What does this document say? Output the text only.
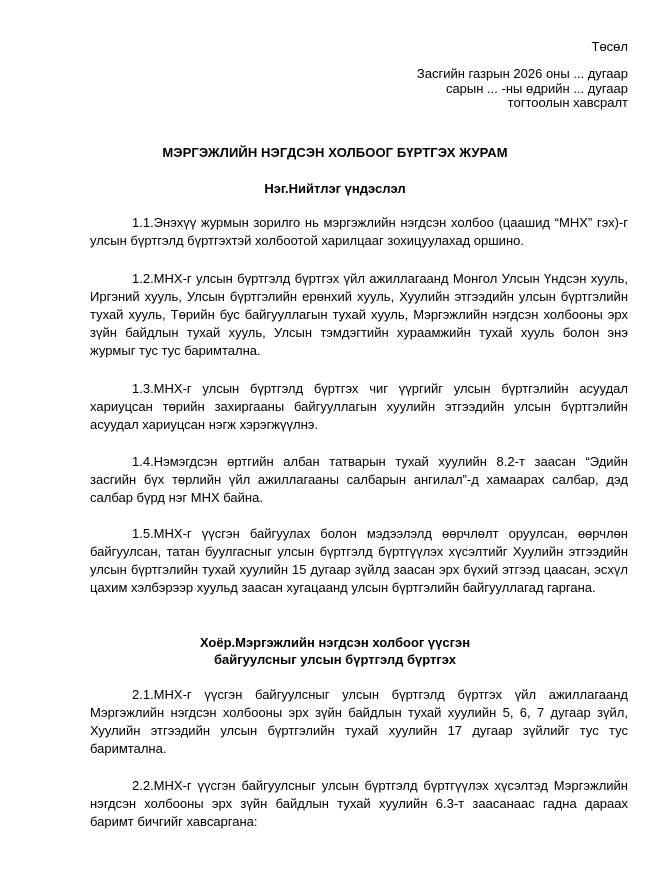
Төсөл
Засгийн газрын 2026 оны ... дугаар
сарын ... -ны өдрийн ... дугаар
тогтоолын хавсралт
МЭРГЭЖЛИЙН НЭГДСЭН ХОЛБООГ БҮРТГЭХ ЖУРАМ
Нэг.Нийтлэг үндэслэл

1.1.Энэхүү журмын зорилго нь мэргэжлийн нэгдсэн холбоо (цаашид “МНХ” гэх)-г улсын бүртгэлд бүртгэхтэй холбоотой харилцааг зохицуулахад оршино.

1.2.МНХ-г улсын бүртгэлд бүртгэх үйл ажиллагаанд Монгол Улсын Үндсэн хууль, Иргэний хууль, Улсын бүртгэлийн ерөнхий хууль, Хуулийн этгээдийн улсын бүртгэлийн тухай хууль, Төрийн бус байгууллагын тухай хууль, Мэргэжлийн нэгдсэн холбооны эрх зүйн байдлын тухай хууль, Улсын тэмдэгтийн хураамжийн тухай хууль болон энэ журмыг тус тус баримтална.

1.3.МНХ-г улсын бүртгэлд бүртгэх чиг үүргийг улсын бүртгэлийн асуудал хариуцсан төрийн захиргааны байгууллагын хуулийн этгээдийн улсын бүртгэлийн асуудал хариуцсан нэгж хэрэгжүүлнэ.

1.4.Нэмэгдсэн өртгийн албан татварын тухай хуулийн 8.2-т заасан “Эдийн засгийн бүх төрлийн үйл ажиллагааны салбарын ангилал”-д хамаарах салбар, дэд салбар бүрд нэг МНХ байна.

1.5.МНХ-г үүсгэн байгуулах болон мэдээлэлд өөрчлөлт оруулсан, өөрчлөн байгуулсан, татан буулгасныг улсын бүртгэлд бүртгүүлэх хүсэлтийг Хуулийн этгээдийн улсын бүртгэлийн тухай хуулийн 15 дугаар зүйлд заасан эрх бүхий этгээд цаасан, эсхүл цахим хэлбэрээр хуульд заасан хугацаанд улсын бүртгэлийн байгууллагад гаргана.

Хоёр.Мэргэжлийн нэгдсэн холбоог үүсгэн
байгуулсныг улсын бүртгэлд бүртгэх

2.1.МНХ-г үүсгэн байгуулсныг улсын бүртгэлд бүртгэх үйл ажиллагаанд Мэргэжлийн нэгдсэн холбооны эрх зүйн байдлын тухай хуулийн 5, 6, 7 дугаар зүйл, Хуулийн этгээдийн улсын бүртгэлийн тухай хуулийн 17 дугаар зүйлийг тус тус баримтална.

2.2.МНХ-г үүсгэн байгуулсныг улсын бүртгэлд бүртгүүлэх хүсэлтэд Мэргэжлийн нэгдсэн холбооны эрх зүйн байдлын тухай хуулийн 6.3-т заасанаас гадна дараах баримт бичгийг хавсаргана:
